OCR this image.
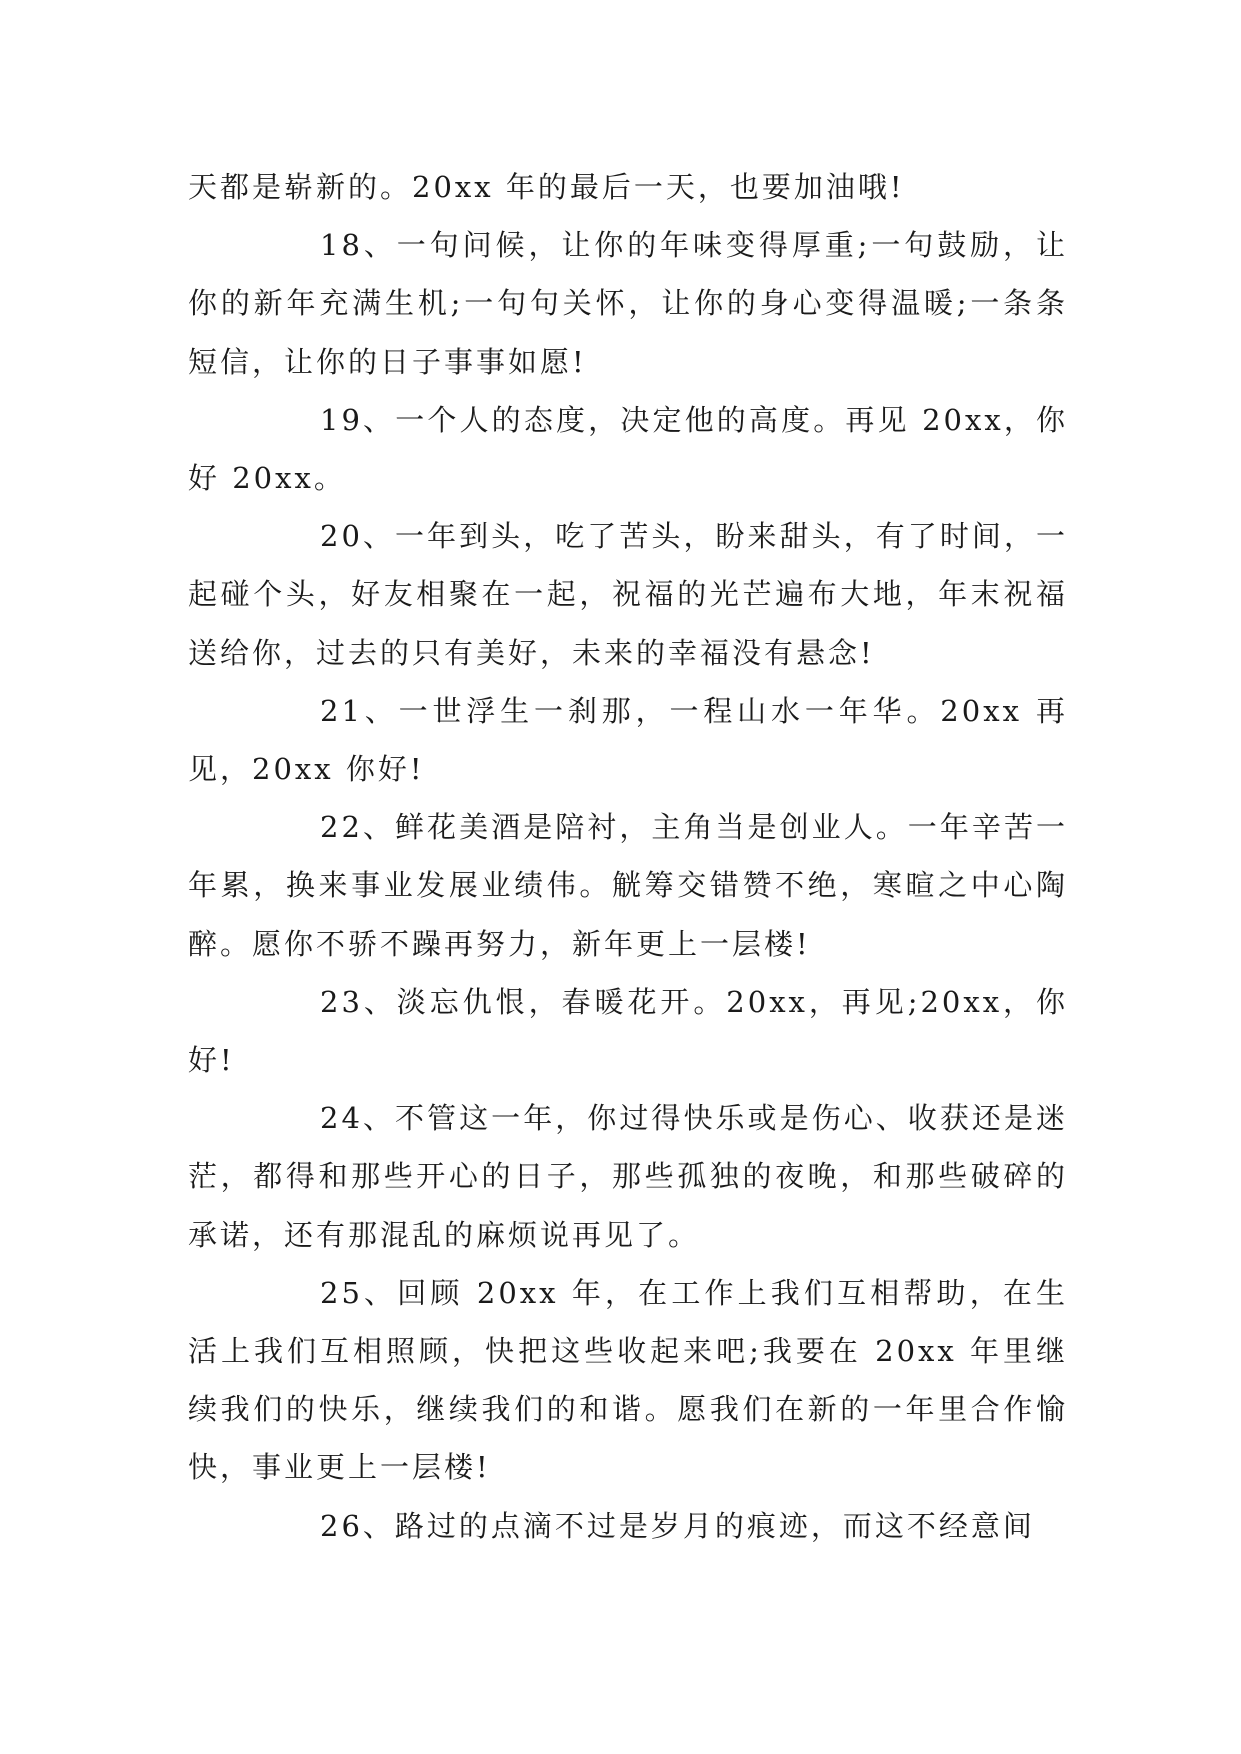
天都是崭新的。20xx 年的最后一天，也要加油哦!

18、一句问候，让你的年味变得厚重;一句鼓励，让你的新年充满生机;一句句关怀，让你的身心变得温暖;一条条短信，让你的日子事事如愿!

19、一个人的态度，决定他的高度。再见 20xx，你好 20xx。

20、一年到头，吃了苦头，盼来甜头，有了时间，一起碰个头，好友相聚在一起，祝福的光芒遍布大地，年末祝福送给你，过去的只有美好，未来的幸福没有悬念!

21、一世浮生一刹那，一程山水一年华。20xx 再见，20xx 你好!

22、鲜花美酒是陪衬，主角当是创业人。一年辛苦一年累，换来事业发展业绩伟。觥筹交错赞不绝，寒暄之中心陶醉。愿你不骄不躁再努力，新年更上一层楼!

23、淡忘仇恨，春暖花开。20xx，再见;20xx，你好!

24、不管这一年，你过得快乐或是伤心、收获还是迷茫，都得和那些开心的日子，那些孤独的夜晚，和那些破碎的承诺，还有那混乱的麻烦说再见了。

25、回顾 20xx 年，在工作上我们互相帮助，在生活上我们互相照顾，快把这些收起来吧;我要在 20xx 年里继续我们的快乐，继续我们的和谐。愿我们在新的一年里合作愉快，事业更上一层楼!

26、路过的点滴不过是岁月的痕迹，而这不经意间
